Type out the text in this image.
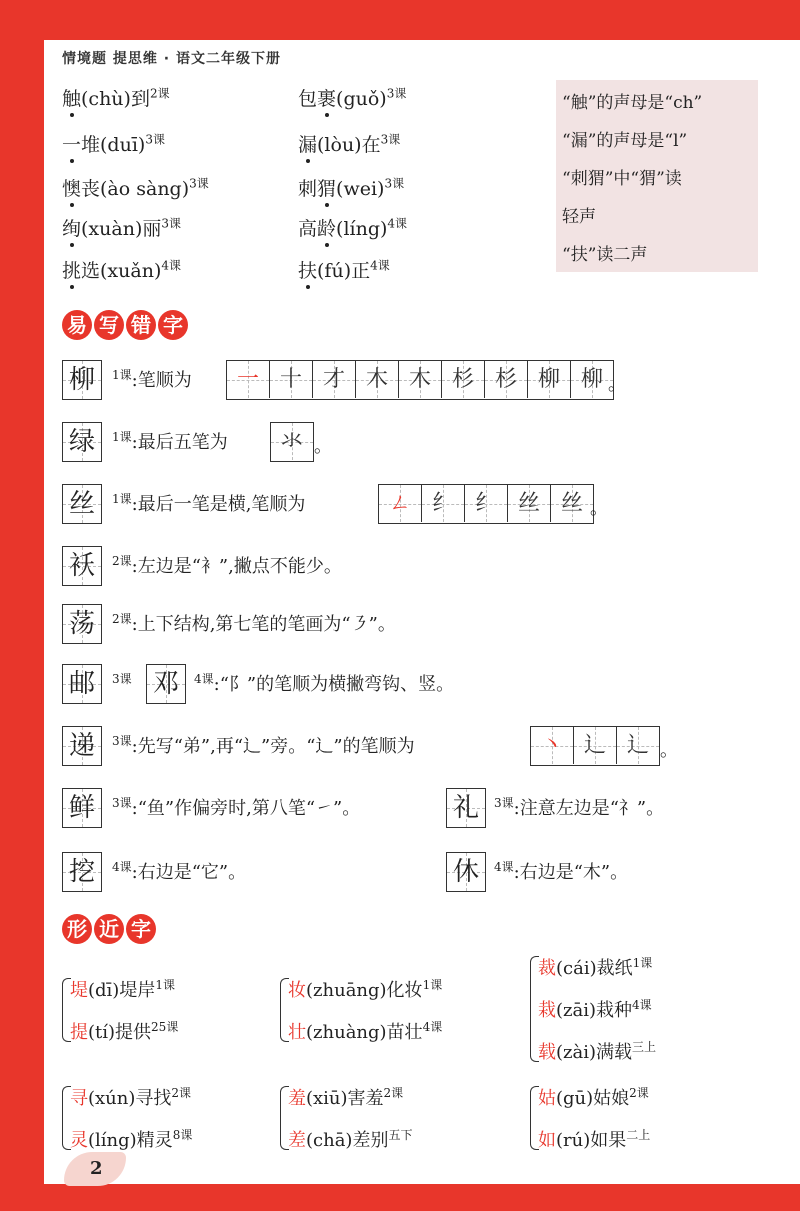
情境题 提思维 · 语文二年级下册
触(chù)到$^{2课}$
一堆(duī)$^{3课}$
懊丧(ào sàng)$^{3课}$
绚(xuàn)丽$^{3课}$
挑选(xuǎn)$^{4课}$
包裹(guǒ)$^{3课}$
漏(lòu)在$^{3课}$
刺猬(wei)$^{3课}$
高龄(líng)$^{4课}$
扶(fú)正$^{4课}$
“触”的声母是“ch”
“漏”的声母是“l”
“刺猬”中“猬”读
轻声
“扶”读二声
易 写 错 字
柳	$^{1课}$:笔顺为	一 十 才 木 木 杉 杉 柳 柳 。
绿	$^{1课}$:最后五笔为	氺 。
丝	$^{1课}$:最后一笔是横,笔顺为	ㄥ 纟 纟 丝 丝 。
袄	$^{2课}$:左边是“衤”,撇点不能少。
荡	$^{2课}$:上下结构,第七笔的笔画为“㇋”。
邮	$^{3课}$ 邓	$^{4课}$:“阝”的笔顺为横撇弯钩、竖。
递	$^{3课}$:先写“弟”,再“辶”旁。“辶”的笔顺为	丶 辶 辶 。
鲜	$^{3课}$:“鱼”作偏旁时,第八笔“㇀”。	礼	$^{3课}$:注意左边是“礻”。
挖	$^{4课}$:右边是“它”。	休	$^{4课}$:右边是“木”。
形 近 字
堤(dī)堤岸$^{1课}$
提(tí)提供$^{25课}$
妆(zhuāng)化妆$^{1课}$
壮(zhuàng)苗壮$^{4课}$
裁(cái)裁纸$^{1课}$
栽(zāi)栽种$^{4课}$
载(zài)满载$^{三上}$
寻(xún)寻找$^{2课}$
灵(líng)精灵$^{8课}$
羞(xiū)害羞$^{2课}$
差(chā)差别$^{五下}$
姑(gū)姑娘$^{2课}$
如(rú)如果$^{二上}$
2
